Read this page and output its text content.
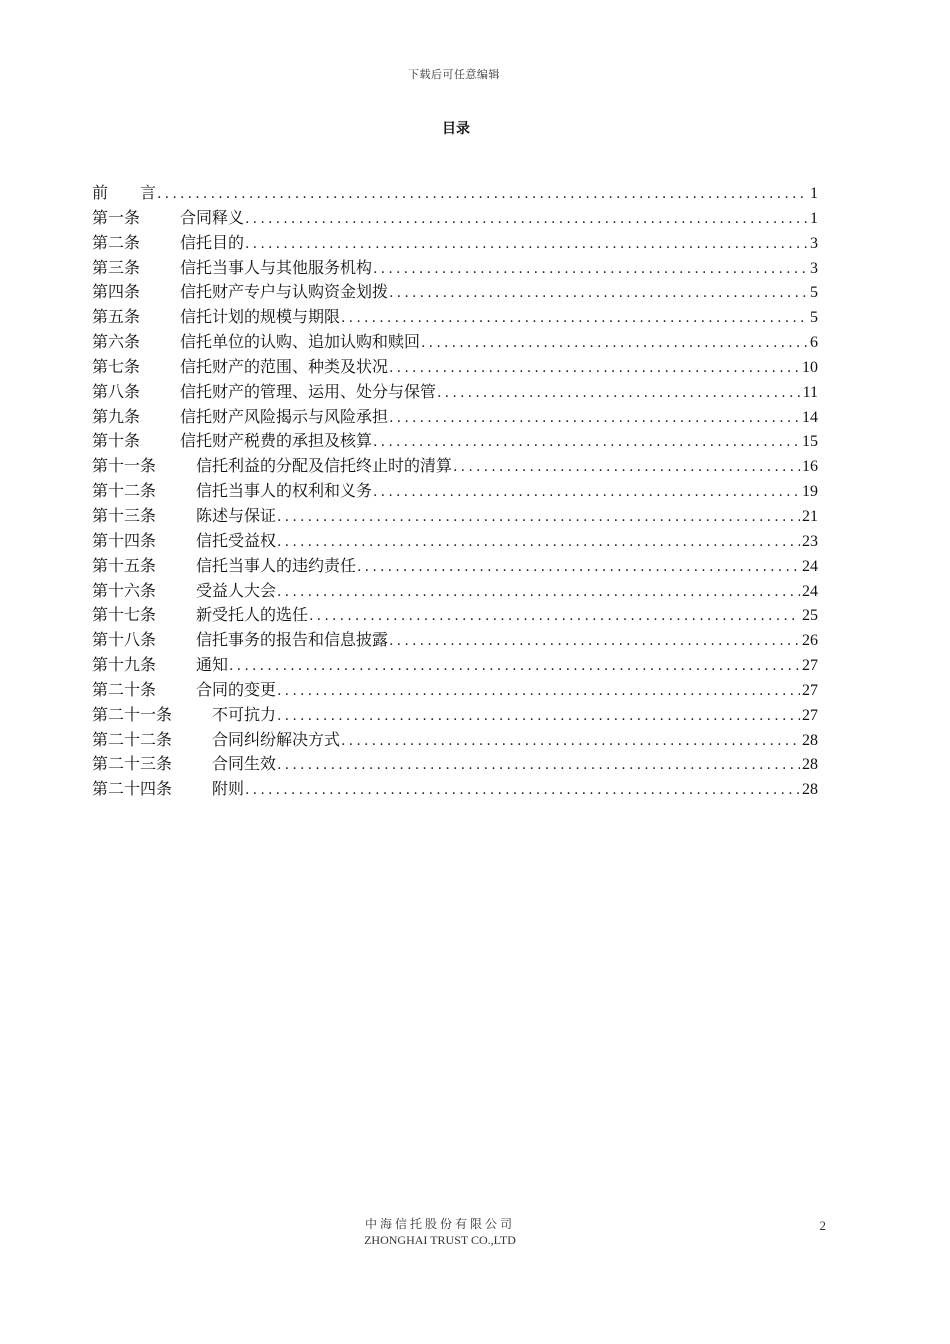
下载后可任意编辑
目录
前　　言 .....	1
第一条	合同释义 .....	1
第二条	信托目的 .....	3
第三条	信托当事人与其他服务机构 .....	3
第四条	信托财产专户与认购资金划拨 .....	5
第五条	信托计划的规模与期限 .....	5
第六条	信托单位的认购、追加认购和赎回 .....	6
第七条	信托财产的范围、种类及状况 .....	10
第八条	信托财产的管理、运用、处分与保管 .....	11
第九条	信托财产风险揭示与风险承担 .....	14
第十条	信托财产税费的承担及核算 .....	15
第十一条	信托利益的分配及信托终止时的清算 .....	16
第十二条	信托当事人的权利和义务 .....	19
第十三条	陈述与保证 .....	21
第十四条	信托受益权 .....	23
第十五条	信托当事人的违约责任 .....	24
第十六条	受益人大会 .....	24
第十七条	新受托人的选任 .....	25
第十八条	信托事务的报告和信息披露 .....	26
第十九条	通知 .....	27
第二十条	合同的变更 .....	27
第二十一条	不可抗力 .....	27
第二十二条	合同纠纷解决方式 .....	28
第二十三条	合同生效 .....	28
第二十四条	附则 .....	28
中海信托股份有限公司
ZHONGHAI TRUST CO.,LTD
2
